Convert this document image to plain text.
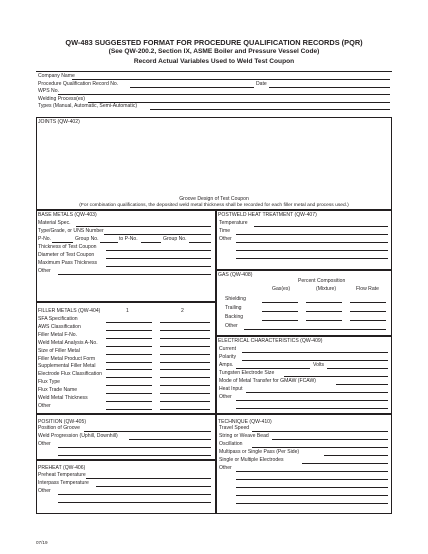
QW-483 SUGGESTED FORMAT FOR PROCEDURE QUALIFICATION RECORDS (PQR)
(See QW-200.2, Section IX, ASME Boiler and Pressure Vessel Code)
Record Actual Variables Used to Weld Test Coupon
Company Name
Procedure Qualification Record No.	Date
WPS No.
Welding Process(es)
Types (Manual, Automatic, Semi-Automatic)
JOINTS (QW-402)
Groove Design of Test Coupon
(For combination qualifications, the deposited weld metal thickness shall be recorded for each filler metal and process used.)
BASE METALS (QW-403)
Material Spec.
Type/Grade, or UNS Number
P-No.	Group No.	to P-No.	Group No.
Thickness of Test Coupon
Diameter of Test Coupon
Maximum Pass Thickness
Other
POSTWELD HEAT TREATMENT (QW-407)
Temperature
Time
Other
GAS (QW-408)
Percent Composition
Gas(es)	(Mixture)	Flow Rate
Shielding
Trailing
Backing
Other
FILLER METALS (QW-404)	1	2
SFA Specification
AWS Classification
Filler Metal F-No.
Weld Metal Analysis A-No.
Size of Filler Metal
Filler Metal Product Form
Supplemental Filler Metal
Electrode Flux Classification
Flux Type
Flux Trade Name
Weld Metal Thickness
Other
ELECTRICAL CHARACTERISTICS (QW-409)
Current
Polarity
Amps.	Volts
Tungsten Electrode Size
Mode of Metal Transfer for GMAW (FCAW)
Heat Input
Other
POSITION (QW-405)
Position of Groove
Weld Progression (Uphill, Downhill)
Other
TECHNIQUE (QW-410)
Travel Speed
String or Weave Bead
Oscillation
Multipass or Single Pass (Per Side)
Single or Multiple Electrodes
Other
PREHEAT (QW-406)
Preheat Temperature
Interpass Temperature
Other
07/19
